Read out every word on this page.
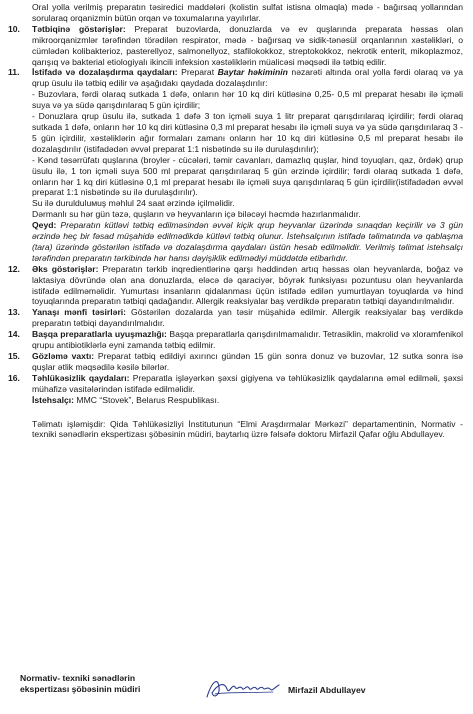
Oral yolla verilmiş preparatın təsiredici maddələri (kolistin sulfat istisna olmaqla) mədə - bağırsaq yollarından sorularaq orqanizmin bütün orqan və toxumalarına yayılırlar.

10.	Tətbiqinə göstərişlər: Preparat buzovlarda, donuzlarda və ev quşlarında preparata həssas olan mikroorqanizmlər tərəfindən törədilən respirator, mədə - bağırsaq və sidik-tənəsül orqanlarının xəstəlikləri, o cümlədən kolibakterioz, pasterellyoz, salmonellyoz, stafilokokkoz, streptokokkoz, nekrotik enterit, mikoplazmoz, qarışıq və bakterial etiologiyalı ikincili infeksion xəstəliklərin müalicəsi məqsədi ilə tətbiq edilir.

11.	İstifadə və dozalaşdırma qaydaları: Preparat Baytar həkiminin nəzarəti altında oral yolla fərdi olaraq və ya qrup üsulu ilə tətbiq edilir və aşağıdakı qaydada dozalaşdırılır:

- Buzovlara, fərdi olaraq sutkada 1 dəfə, onların hər 10 kq diri kütləsinə 0,25- 0,5 ml preparat hesabı ilə içməli suya və ya südə qarışdırılaraq 5 gün içirdilir;

- Donuzlara qrup üsulu ilə, sutkada 1 dəfə 3 ton içməli suya 1 litr preparat qarışdırılaraq içirdilir; fərdi olaraq sutkada 1 dəfə, onların hər 10 kq diri kütləsinə 0,3 ml preparat hesabı ilə içməli suya və ya südə qarışdırılaraq 3 - 5 gün içirdilir, xəstəliklərin ağır formaları zamanı onların hər 10 kq diri kütləsinə 0,5 ml preparat hesabı ilə dozalaşdırılır (istifadədən əvvəl preparat 1:1 nisbətində su ilə durulaşdırılır);

- Kənd təsərrüfatı quşlarına (broyler - cücələri, təmir cavanları, damazlıq quşlar, hind toyuqları, qaz, ördək) qrup üsulu ilə, 1 ton içməli suya 500 ml preparat qarışdırılaraq 5 gün ərzində içirdilir; fərdi olaraq sutkada 1 dəfə, onların hər 1 kq diri kütləsinə 0,1 ml preparat hesabı ilə içməli suya qarışdırılaraq 5 gün içirdilir(istifadədən əvvəl preparat 1:1 nisbətində su ilə durulaşdırılır).

Su ilə durulduluмuş məhlul 24 saat ərzində içilməlidir.

Dərmanlı su hər gün təzə, quşların və heyvanların içə biləcəyi həcmdə hazırlanmalıdır.

Qeyd: Preparatın kütləvi tətbiq edilməsindən əvvəl kiçik qrup heyvanlar üzərində sınaqdan keçirilir və 3 gün ərzində heç bir fəsad müşahidə edilmədikdə kütləvi tətbiq olunur. İstehsalçının istifadə təlimatında və qablaşma (tara) üzərində göstərilən istifadə və dozalaşdırma qaydaları üstün hesab edilməlidir. Verilmiş təlimat istehsalçı tərəfindən preparatın tərkibində hər hansı dəyişiklik edilmədiyi müddətdə etibarlıdır.

12.	Əks göstərişlər: Preparatın tərkib inqredientlərinə qarşı həddindən artıq həssas olan heyvanlarda, boğaz və laktasiya dövründə olan ana donuzlarda, eləcə də qaraciyər, böyrək funksiyası pozuntusu olan heyvanlarda istifadə edilməməlidir. Yumurtası insanların qidalanması üçün istifadə edilən yumurtlayan toyuqlarda və hind toyuqlarında preparatın tətbiqi qadağandır. Allergik reaksiyalar baş verdikdə preparatın tətbiqi dayandırılmalıdır.

13.	Yanaşı mənfi təsirləri: Göstərilən dozalarda yan təsir müşahidə edilmir. Allergik reaksiyalar baş verdikdə preparatın tətbiqi dayandırılmalıdır.

14.	Başqa preparatlarla uyuşmazlığı: Başqa preparatlarla qarışdırılmamalıdır. Tetrasiklin, makrolid və xloramfenikol qrupu antibiotiklərlə eyni zamanda tətbiq edilmir.

15.	Gözləmə vaxtı: Preparat tətbiq edildiyi axırıncı gündən 15 gün sonra donuz və buzovlar, 12 sutka sonra isə quşlar ətlik məqsədilə kəsilə bilərlər.

16.	Təhlükəsizlik qaydaları: Preparatla işləyərkən şəxsi gigiyena və təhlükəsizlik qaydalarına əməl edilməli, şəxsi mühafizə vasitələrindən istifadə edilməlidir.

İstehsalçı: MMC “Stovek”, Belarus Respublikası.

Təlimatı işləmişdir: Qida Təhlükəsizliyi İnstitutunun “Elmi Araşdırmalar Mərkəzi” departamentinin, Normativ - texniki sənədlərin ekspertizası şöbəsinin müdiri, baytarlıq üzrə fəlsəfə doktoru Mirfazil Qafar oğlu Abdullayev.

Normativ- texniki sənədlərin
ekspertizası şöbəsinin müdiri	Mirfazil Abdullayev
